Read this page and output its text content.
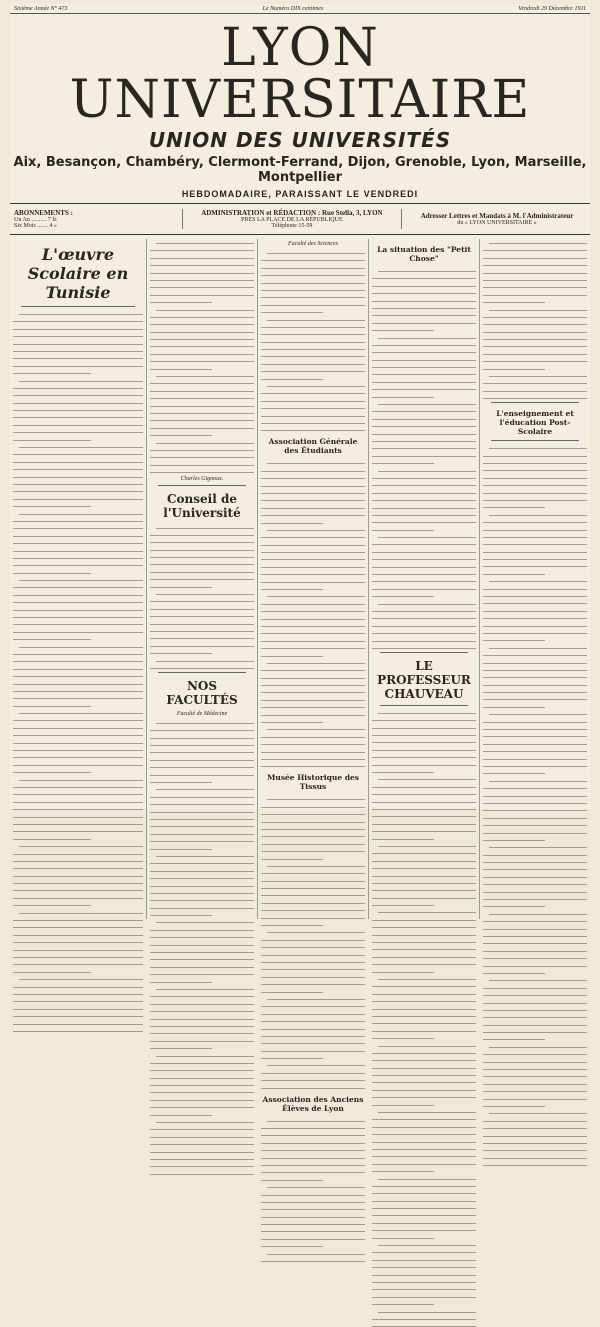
Sixième Année N° 473	Le Numéro DIX centimes	Vendredi 29 Décembre 1911
LYON UNIVERSITAIRE
UNION DES UNIVERSITÉS
Aix, Besançon, Chambéry, Clermont-Ferrand, Dijon, Grenoble, Lyon, Marseille, Montpellier
HEBDOMADAIRE, PARAISSANT LE VENDREDI
ABONNEMENTS :
Un An .......... 7 fr.
Six Mois ....... 4 »
ADMINISTRATION et RÉDACTION : Rue Stella, 3, LYON
PRÈS LA PLACE DE LA RÉPUBLIQUE
Téléphone 15-59
Adresser Lettres et Mandats à M. l'Administrateur
du « LYON UNIVERSITAIRE »
L'œuvre Scolaire en Tunisie
Charles Gignoux.
Conseil de l'Université
NOS FACULTÉS
Faculté de Médecine
Faculté des Sciences
Association Générale des Étudiants
Musée Historique des Tissus
Association des Anciens Élèves de Lyon
La situation des "Petit Chose"
LE PROFESSEUR CHAUVEAU
L'enseignement et l'éducation Post-Scolaire
